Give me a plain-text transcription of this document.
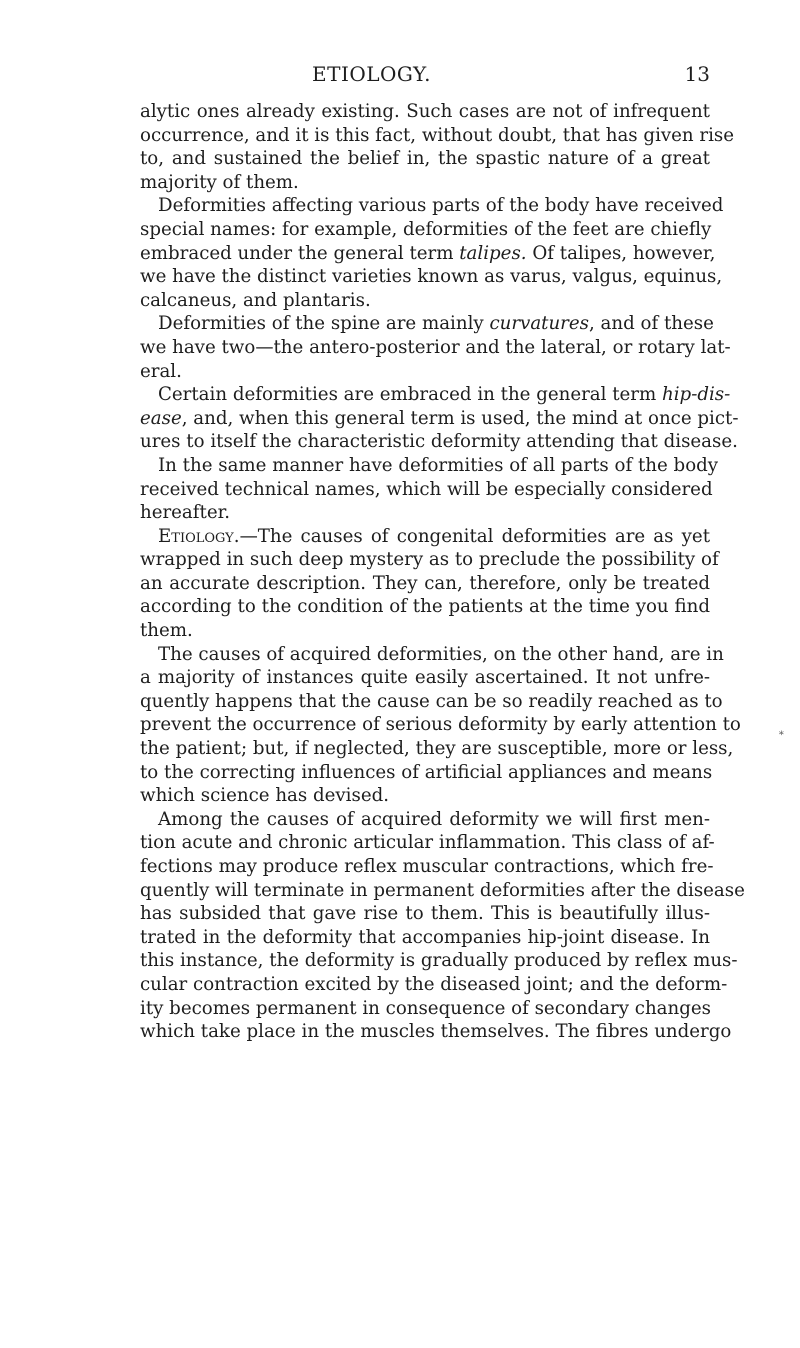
ETIOLOGY.	13
alytic ones already existing. Such cases are not of infrequent
occurrence, and it is this fact, without doubt, that has given rise
to, and sustained the belief in, the spastic nature of a great
majority of them.
Deformities affecting various parts of the body have received
special names: for example, deformities of the feet are chiefly
embraced under the general term talipes. Of talipes, however,
we have the distinct varieties known as varus, valgus, equinus,
calcaneus, and plantaris.
Deformities of the spine are mainly curvatures, and of these
we have two—the antero-posterior and the lateral, or rotary lat-
eral.
Certain deformities are embraced in the general term hip-dis-
ease, and, when this general term is used, the mind at once pict-
ures to itself the characteristic deformity attending that disease.
In the same manner have deformities of all parts of the body
received technical names, which will be especially considered
hereafter.
Etiology.—The causes of congenital deformities are as yet
wrapped in such deep mystery as to preclude the possibility of
an accurate description. They can, therefore, only be treated
according to the condition of the patients at the time you find
them.
The causes of acquired deformities, on the other hand, are in
a majority of instances quite easily ascertained. It not unfre-
quently happens that the cause can be so readily reached as to
prevent the occurrence of serious deformity by early attention to
the patient; but, if neglected, they are susceptible, more or less,
to the correcting influences of artificial appliances and means
which science has devised.
Among the causes of acquired deformity we will first men-
tion acute and chronic articular inflammation. This class of af-
fections may produce reflex muscular contractions, which fre-
quently will terminate in permanent deformities after the disease
has subsided that gave rise to them. This is beautifully illus-
trated in the deformity that accompanies hip-joint disease. In
this instance, the deformity is gradually produced by reflex mus-
cular contraction excited by the diseased joint; and the deform-
ity becomes permanent in consequence of secondary changes
which take place in the muscles themselves. The fibres undergo
∗
